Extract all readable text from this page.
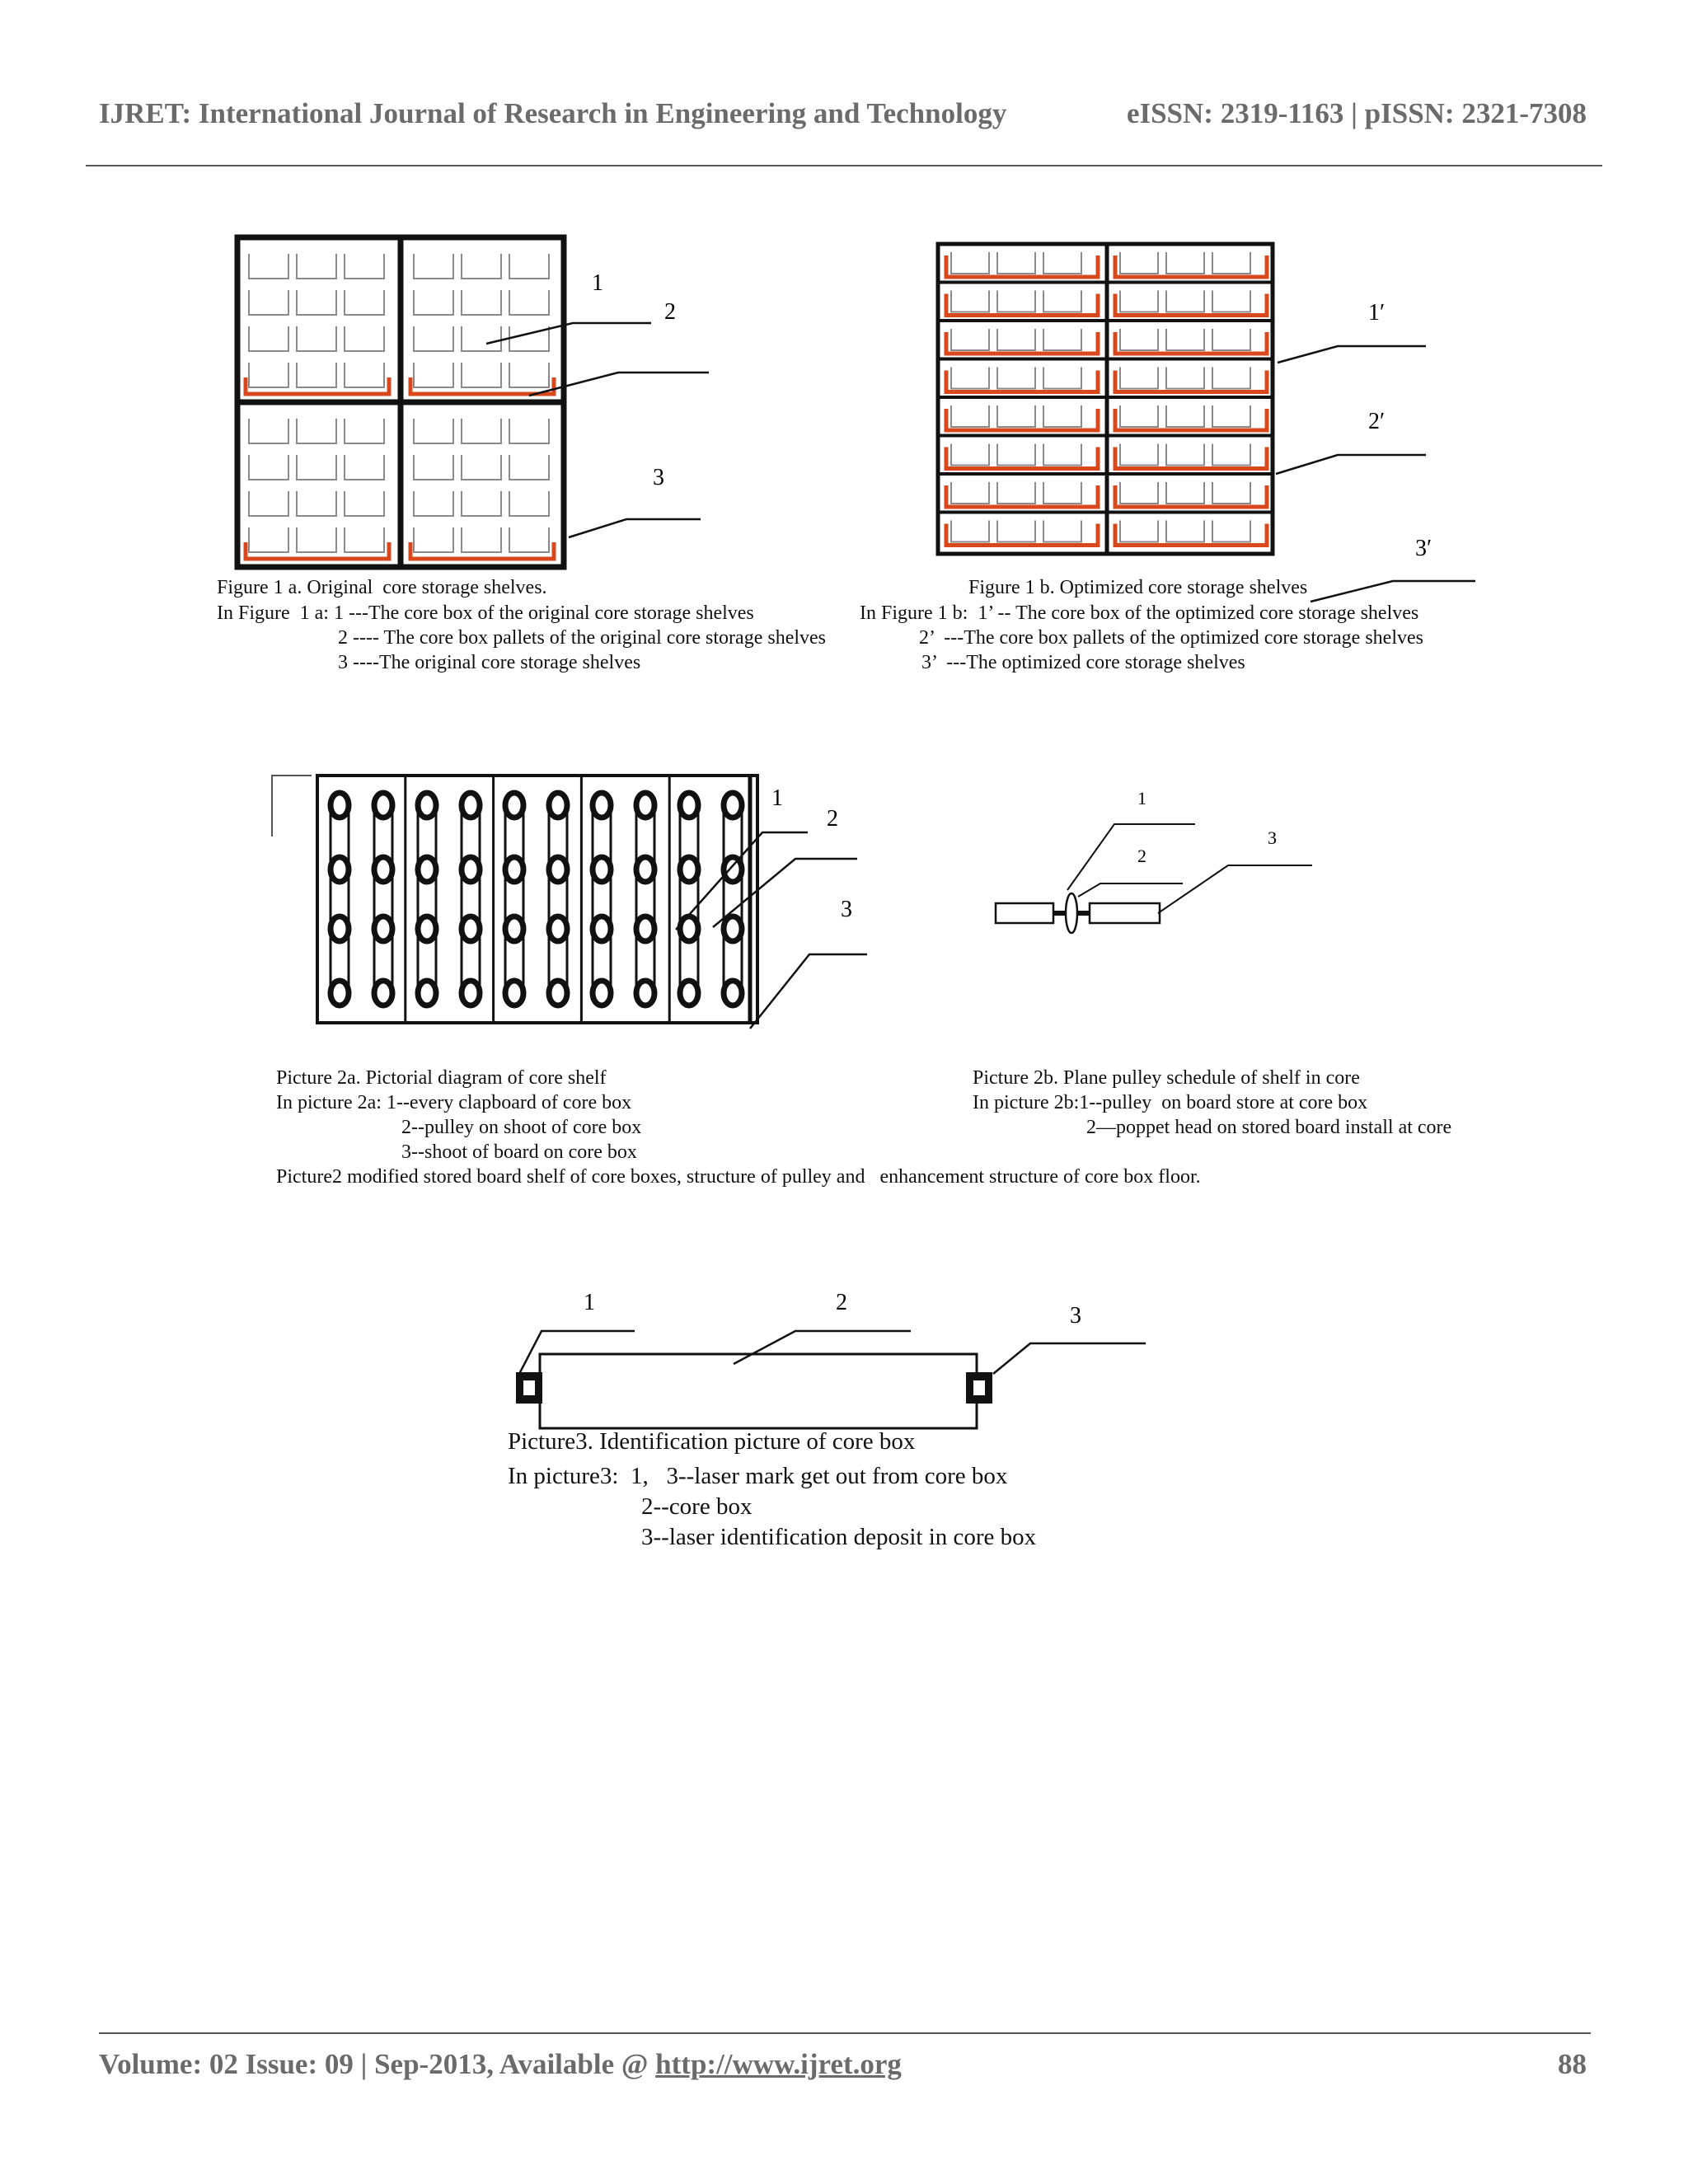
IJRET: International Journal of Research in Engineering and Technology	eISSN: 2319-1163 | pISSN: 2321-7308
1
2
3
Figure 1 a. Original  core storage shelves.
In Figure  1 a: 1 ---The core box of the original core storage shelves
2 ---- The core box pallets of the original core storage shelves
3 ----The original core storage shelves
1′
2′
3′
Figure 1 b. Optimized core storage shelves
In Figure 1 b:  1’ -- The core box of the optimized core storage shelves
2’  ---The core box pallets of the optimized core storage shelves
3’  ---The optimized core storage shelves
1
2
3
1
2
3
Picture 2a. Pictorial diagram of core shelf
In picture 2a: 1--every clapboard of core box
2--pulley on shoot of core box
3--shoot of board on core box
Picture 2b. Plane pulley schedule of shelf in core
In picture 2b:1--pulley  on board store at core box
2—poppet head on stored board install at core
Picture2 modified stored board shelf of core boxes, structure of pulley and   enhancement structure of core box floor.
1	2
3
Picture3. Identification picture of core box
In picture3:  1,   3--laser mark get out from core box
2--core box
3--laser identification deposit in core box
Volume: 02 Issue: 09 | Sep-2013, Available @ http://www.ijret.org	88
